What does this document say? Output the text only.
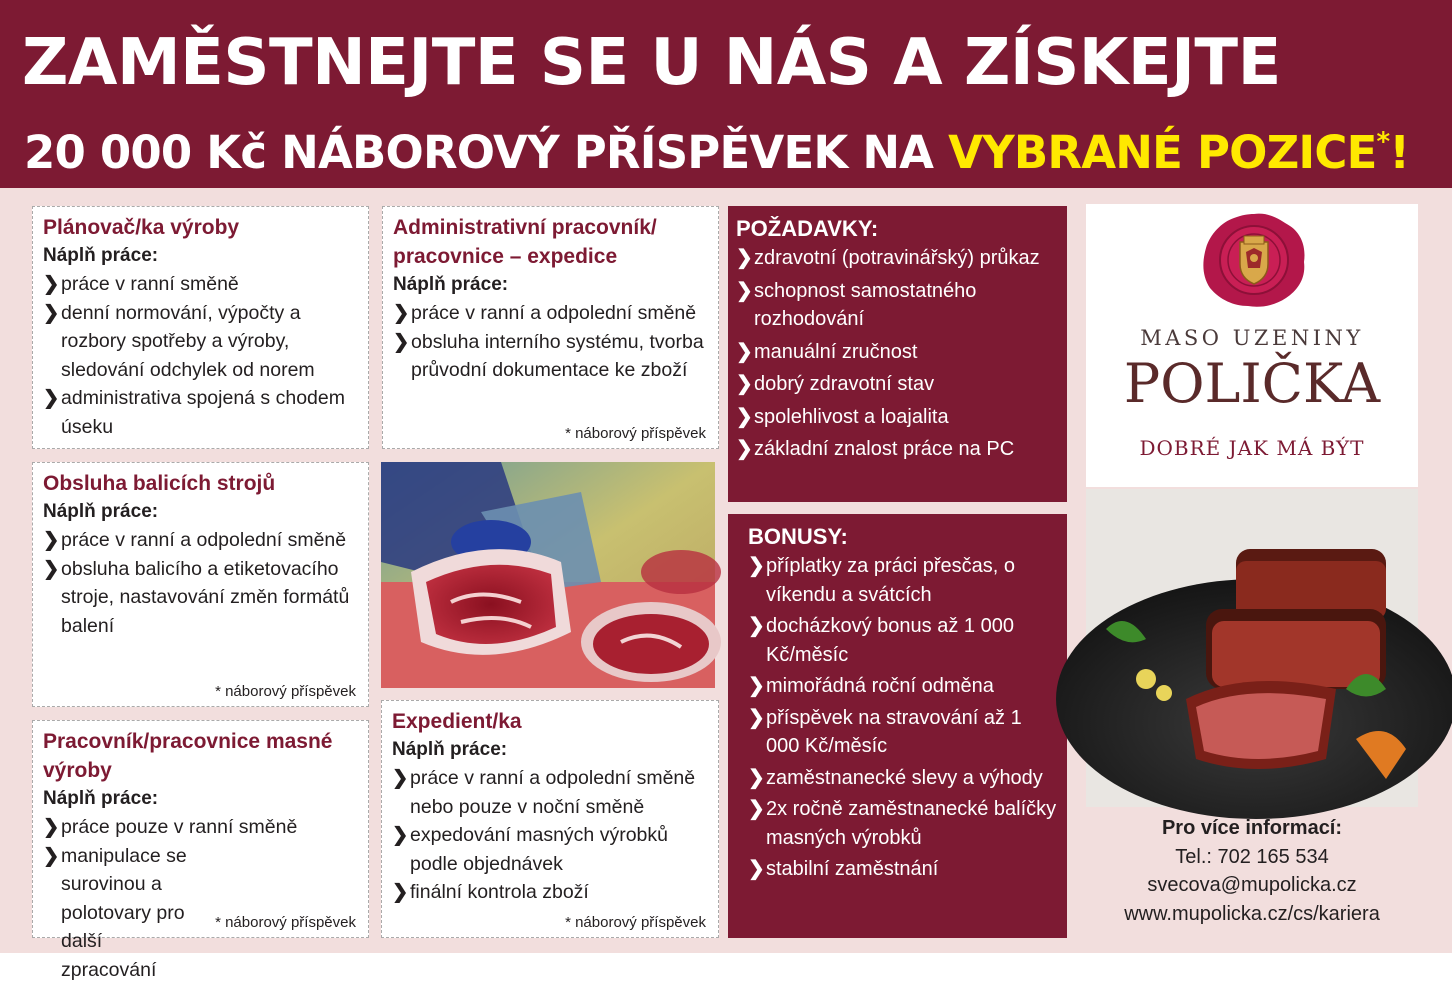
ZAMĚSTNEJTE SE U NÁS A ZÍSKEJTE
20 000 Kč NÁBOROVÝ PŘÍSPĚVEK NA VYBRANÉ POZICE*!
Plánovač/ka výroby
Náplň práce:
❯ práce v ranní směně
❯ denní normování, výpočty a rozbory spotřeby a výroby, sledování odchylek od norem
❯ administrativa spojená s chodem úseku
Administrativní pracovník/ pracovnice – expedice
Náplň práce:
❯ práce v ranní a odpolední směně
❯ obsluha interního systému, tvorba průvodní dokumentace ke zboží
* náborový příspěvek
Obsluha balicích strojů
Náplň práce:
❯ práce v ranní a odpolední směně
❯ obsluha balicího a etiketovacího stroje, nastavování změn formátů balení
* náborový příspěvek
Expedient/ka
Náplň práce:
❯ práce v ranní a odpolední směně nebo pouze v noční směně
❯ expedování masných výrobků podle objednávek
❯ finální kontrola zboží
* náborový příspěvek
Pracovník/pracovnice masné výroby
Náplň práce:
❯ práce pouze v ranní směně
❯ manipulace se surovinou a polotovary pro další zpracování
* náborový příspěvek
POŽADAVKY:
❯ zdravotní (potravinářský) průkaz
❯ schopnost samostatného rozhodování
❯ manuální zručnost
❯ dobrý zdravotní stav
❯ spolehlivost a loajalita
❯ základní znalost práce na PC
BONUSY:
❯ příplatky za práci přesčas, o víkendu a svátcích
❯ docházkový bonus až 1 000 Kč/měsíc
❯ mimořádná roční odměna
❯ příspěvek na stravování až 1 000 Kč/měsíc
❯ zaměstnanecké slevy a výhody
❯ 2x ročně zaměstnanecké balíčky masných výrobků
❯ stabilní zaměstnání
MASO UZENINY
POLIČKA
DOBRÉ JAK MÁ BÝT
Pro více informací:
Tel.: 702 165 534
svecova@mupolicka.cz
www.mupolicka.cz/cs/kariera
